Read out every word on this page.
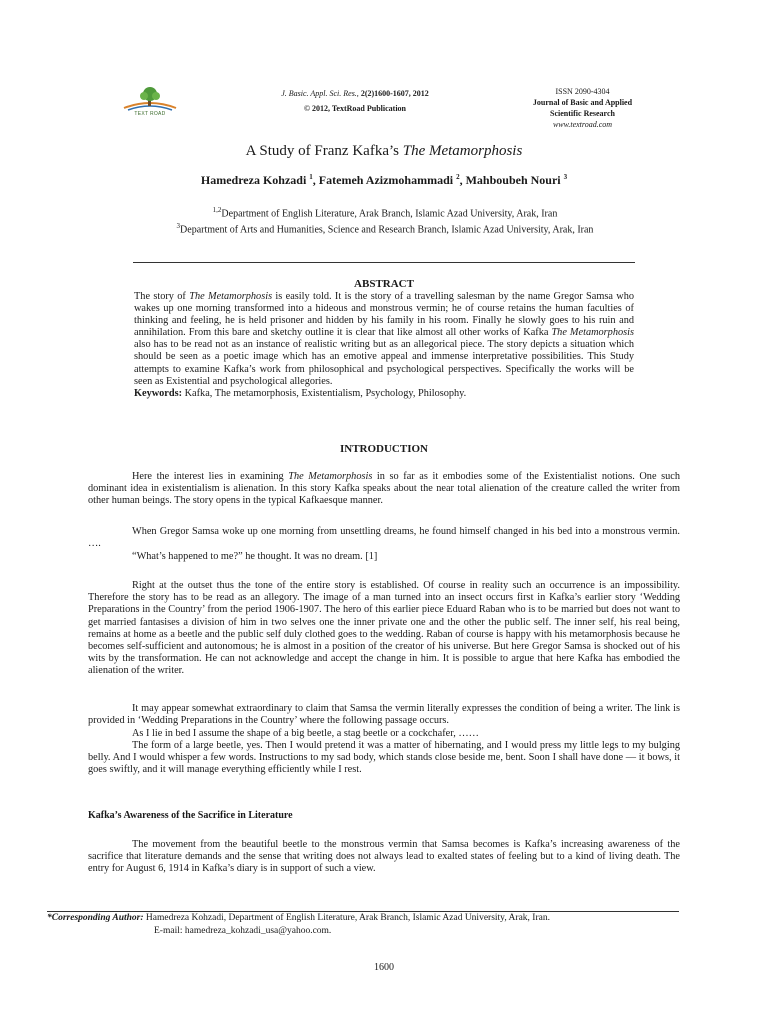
TEXT ROAD
J. Basic. Appl. Sci. Res., 2(2)1600-1607, 2012
© 2012, TextRoad Publication
ISSN 2090-4304
Journal of Basic and Applied
Scientific Research
www.textroad.com
A Study of Franz Kafka’s The Metamorphosis
Hamedreza Kohzadi $^1$, Fatemeh Azizmohammadi $^2$, Mahboubeh Nouri $^3$
$^{1,2}$Department of English Literature, Arak Branch, Islamic Azad University, Arak, Iran
$^3$Department of Arts and Humanities, Science and Research Branch, Islamic Azad University, Arak, Iran
ABSTRACT

The story of The Metamorphosis is easily told. It is the story of a travelling salesman by the name Gregor Samsa who wakes up one morning transformed into a hideous and monstrous vermin; he of course retains the human faculties of thinking and feeling, he is held prisoner and hidden by his family in his room. Finally he slowly goes to his ruin and annihilation. From this bare and sketchy outline it is clear that like almost all other works of Kafka The Metamorphosis also has to be read not as an instance of realistic writing but as an allegorical piece. The story depicts a situation which should be seen as a poetic image which has an emotive appeal and immense interpretative possibilities. This Study attempts to examine Kafka’s work from philosophical and psychological perspectives. Specifically the works will be seen as Existential and psychological allegories.
Keywords: Kafka, The metamorphosis, Existentialism, Psychology, Philosophy.

INTRODUCTION

Here the interest lies in examining The Metamorphosis in so far as it embodies some of the Existentialist notions. One such dominant idea in existentialism is alienation. In this story Kafka speaks about the near total alienation of the creature called the writer from other human beings. The story opens in the typical Kafkaesque manner.

When Gregor Samsa woke up one morning from unsettling dreams, he found himself changed in his bed into a monstrous vermin. ….

“What’s happened to me?” he thought. It was no dream. [1]

Right at the outset thus the tone of the entire story is established. Of course in reality such an occurrence is an impossibility. Therefore the story has to be read as an allegory. The image of a man turned into an insect occurs first in Kafka’s earlier story ‘Wedding Preparations in the Country’ from the period 1906-1907. The hero of this earlier piece Eduard Raban who is to be married but does not want to get married fantasises a division of him in two selves one the inner private one and the other the public self. The inner self, his real being, remains at home as a beetle and the public self duly clothed goes to the wedding. Raban of course is happy with his metamorphosis because he becomes self-sufficient and autonomous; he is almost in a position of the creator of his universe. But here Gregor Samsa is shocked out of his wits by the transformation. He can not acknowledge and accept the change in him. It is possible to argue that here Kafka has embodied the alienation of the writer.

It may appear somewhat extraordinary to claim that Samsa the vermin literally expresses the condition of being a writer. The link is provided in ‘Wedding Preparations in the Country’ where the following passage occurs.

As I lie in bed I assume the shape of a big beetle, a stag beetle or a cockchafer, ……

The form of a large beetle, yes. Then I would pretend it was a matter of hibernating, and I would press my little legs to my bulging belly. And I would whisper a few words. Instructions to my sad body, which stands close beside me, bent. Soon I shall have done — it bows, it goes swiftly, and it will manage everything efficiently while I rest.

Kafka’s Awareness of the Sacrifice in Literature

The movement from the beautiful beetle to the monstrous vermin that Samsa becomes is Kafka’s increasing awareness of the sacrifice that literature demands and the sense that writing does not always lead to exalted states of feeling but to a kind of living death. The entry for August 6, 1914 in Kafka’s diary is in support of such a view.

*Corresponding Author: Hamedreza Kohzadi, Department of English Literature, Arak Branch, Islamic Azad University, Arak, Iran.
E-mail: hamedreza_kohzadi_usa@yahoo.com.
1600
